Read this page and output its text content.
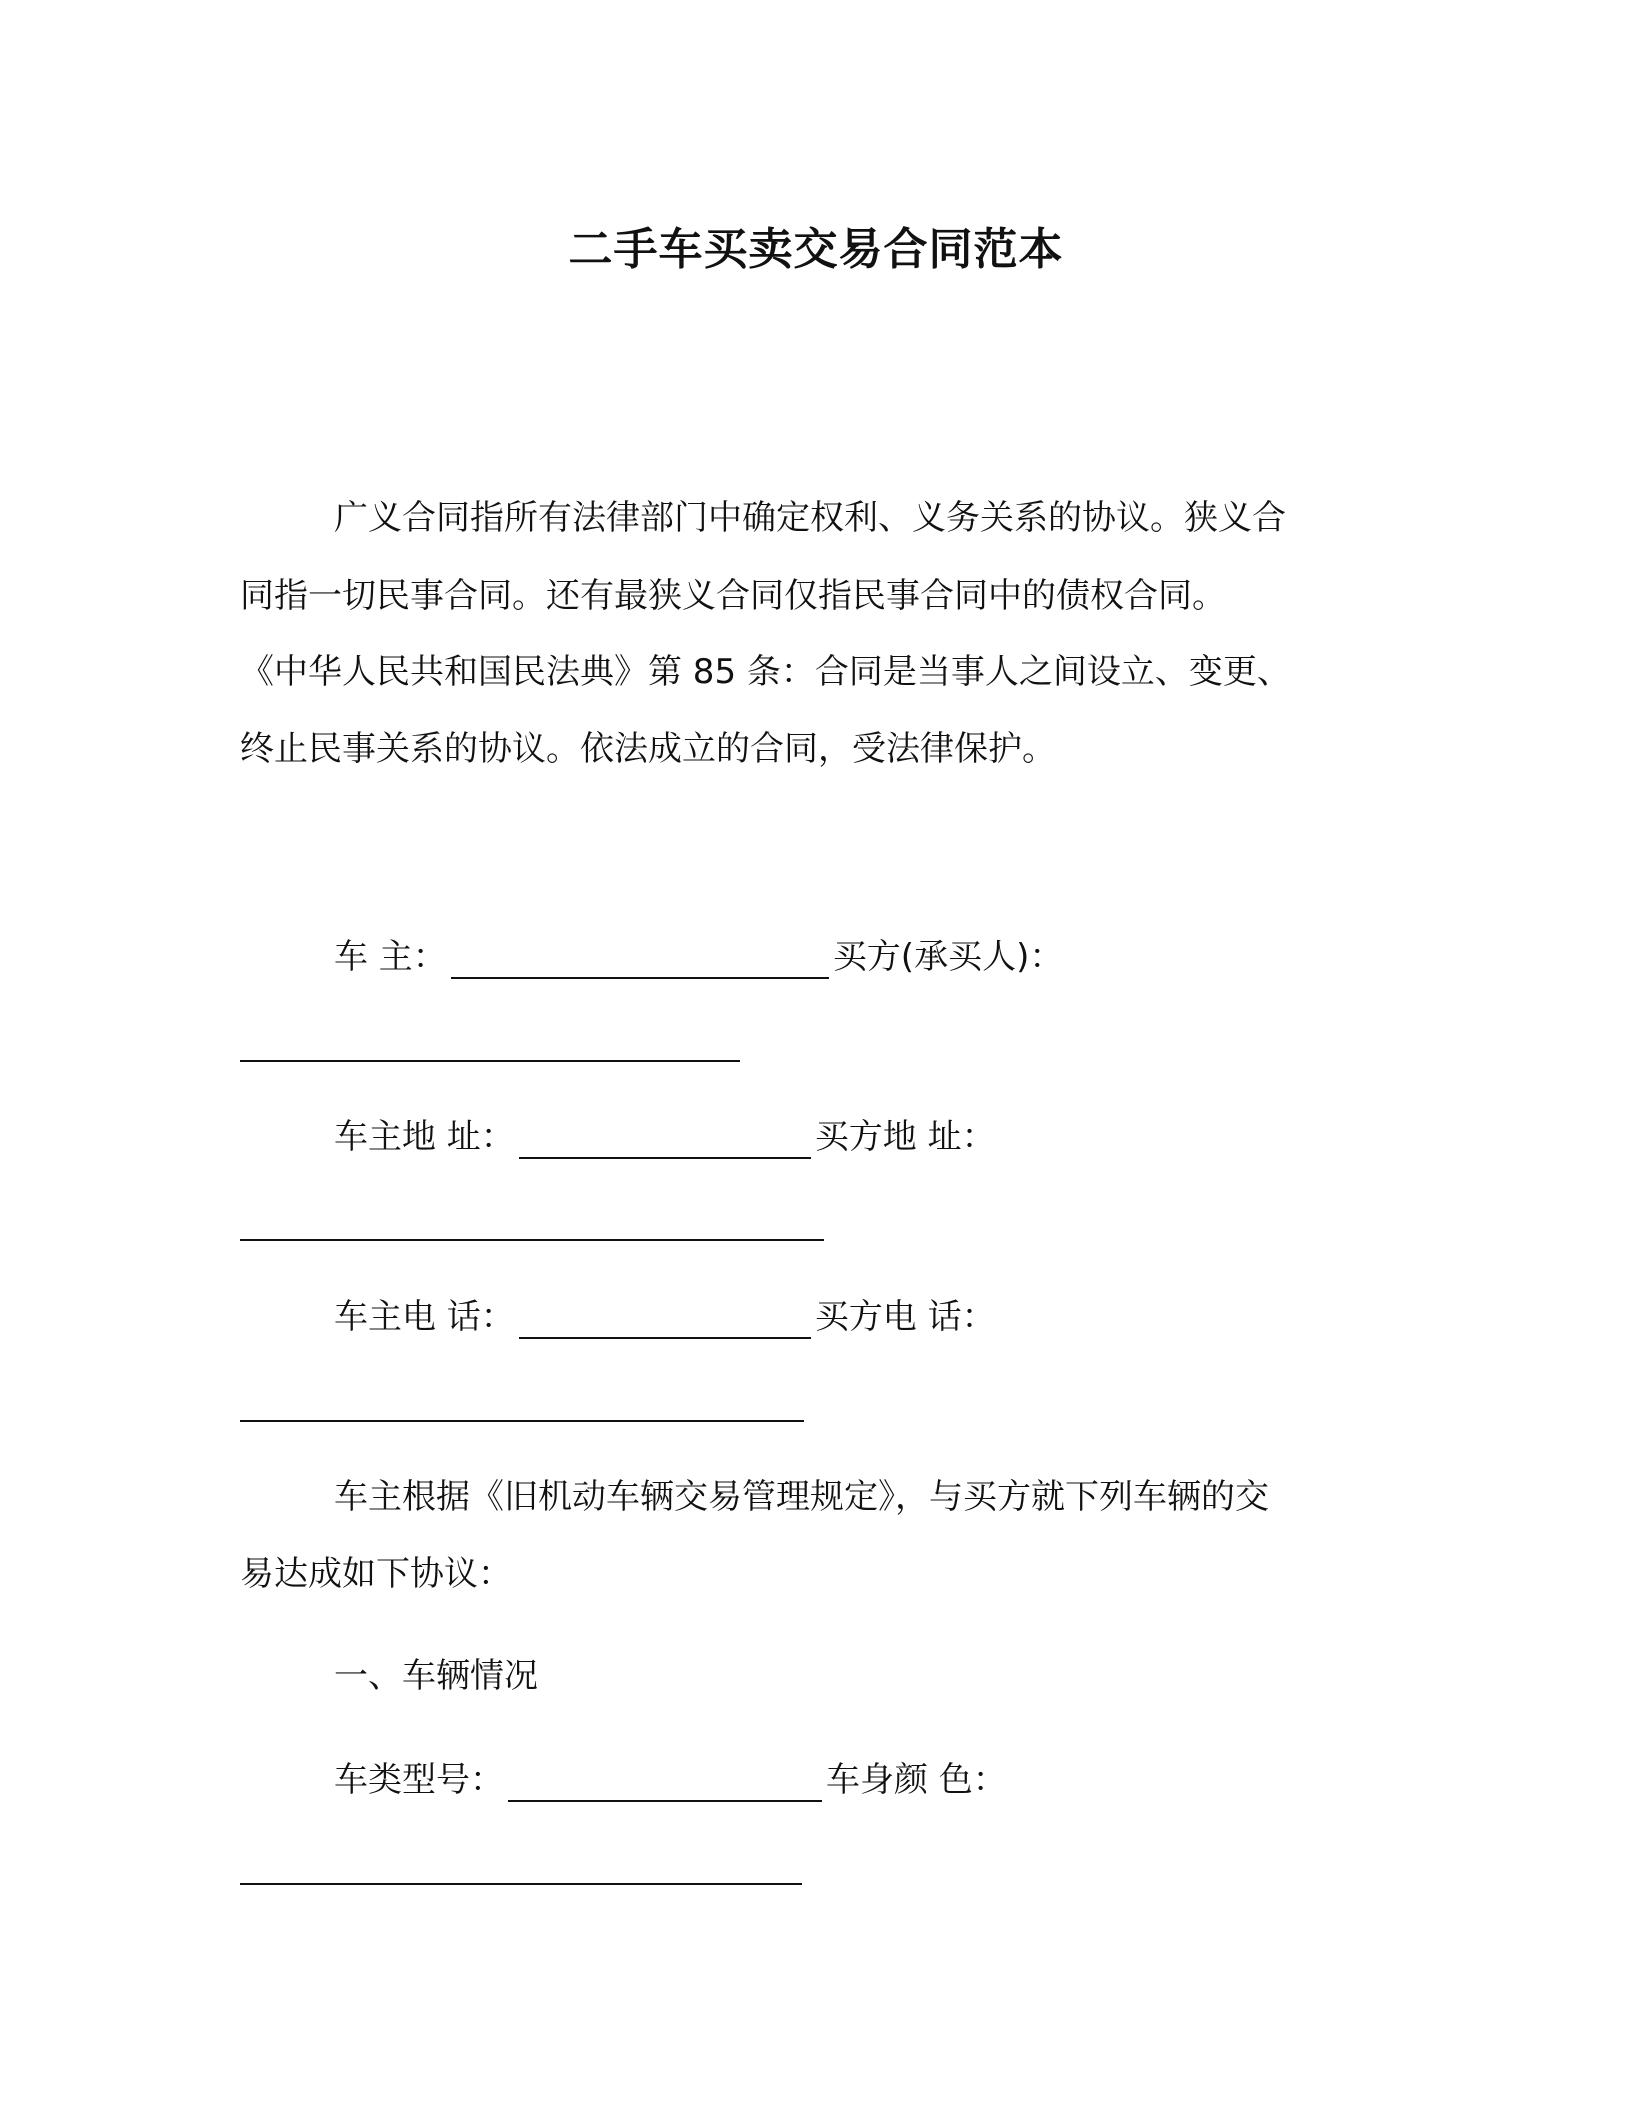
二手车买卖交易合同范本
广义合同指所有法律部门中确定权利、义务关系的协议。狭义合
同指一切民事合同。还有最狭义合同仅指民事合同中的债权合同。
《中华人民共和国民法典》第 85 条：合同是当事人之间设立、变更、
终止民事关系的协议。依法成立的合同，受法律保护。
车 主：	买方(承买人)：
车主地 址：	买方地 址：
车主电 话：	买方电 话：
车主根据《旧机动车辆交易管理规定》，与买方就下列车辆的交
易达成如下协议：
一、车辆情况
车类型号：	车身颜 色：
